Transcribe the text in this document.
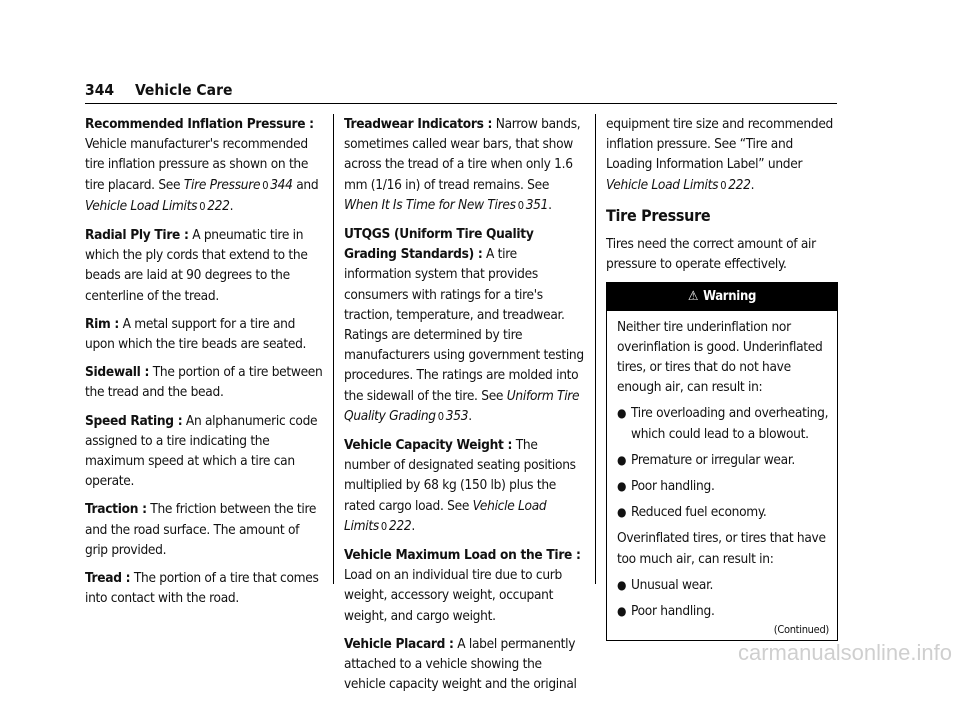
344 Vehicle Care

Recommended Inflation Pressure : Vehicle manufacturer's recommended tire inflation pressure as shown on the tire placard. See Tire Pressure 0 344 and Vehicle Load Limits 0 222.

Radial Ply Tire : A pneumatic tire in which the ply cords that extend to the beads are laid at 90 degrees to the centerline of the tread.

Rim : A metal support for a tire and upon which the tire beads are seated.

Sidewall : The portion of a tire between the tread and the bead.

Speed Rating : An alphanumeric code assigned to a tire indicating the maximum speed at which a tire can operate.

Traction : The friction between the tire and the road surface. The amount of grip provided.

Tread : The portion of a tire that comes into contact with the road.

Treadwear Indicators : Narrow bands, sometimes called wear bars, that show across the tread of a tire when only 1.6 mm (1/16 in) of tread remains. See When It Is Time for New Tires 0 351.

UTQGS (Uniform Tire Quality Grading Standards) : A tire information system that provides consumers with ratings for a tire's traction, temperature, and treadwear. Ratings are determined by tire manufacturers using government testing procedures. The ratings are molded into the sidewall of the tire. See Uniform Tire Quality Grading 0 353.

Vehicle Capacity Weight : The number of designated seating positions multiplied by 68 kg (150 lb) plus the rated cargo load. See Vehicle Load Limits 0 222.

Vehicle Maximum Load on the Tire : Load on an individual tire due to curb weight, accessory weight, occupant weight, and cargo weight.

Vehicle Placard : A label permanently attached to a vehicle showing the vehicle capacity weight and the original

equipment tire size and recommended inflation pressure. See “Tire and Loading Information Label” under Vehicle Load Limits 0 222.

Tire Pressure

Tires need the correct amount of air pressure to operate effectively.

⚠ Warning

Neither tire underinflation nor overinflation is good. Underinflated tires, or tires that do not have enough air, can result in:

● Tire overloading and overheating, which could lead to a blowout.
● Premature or irregular wear.
● Poor handling.
● Reduced fuel economy.

Overinflated tires, or tires that have too much air, can result in:

● Unusual wear.
● Poor handling.
(Continued)
carmanualsonline.info
